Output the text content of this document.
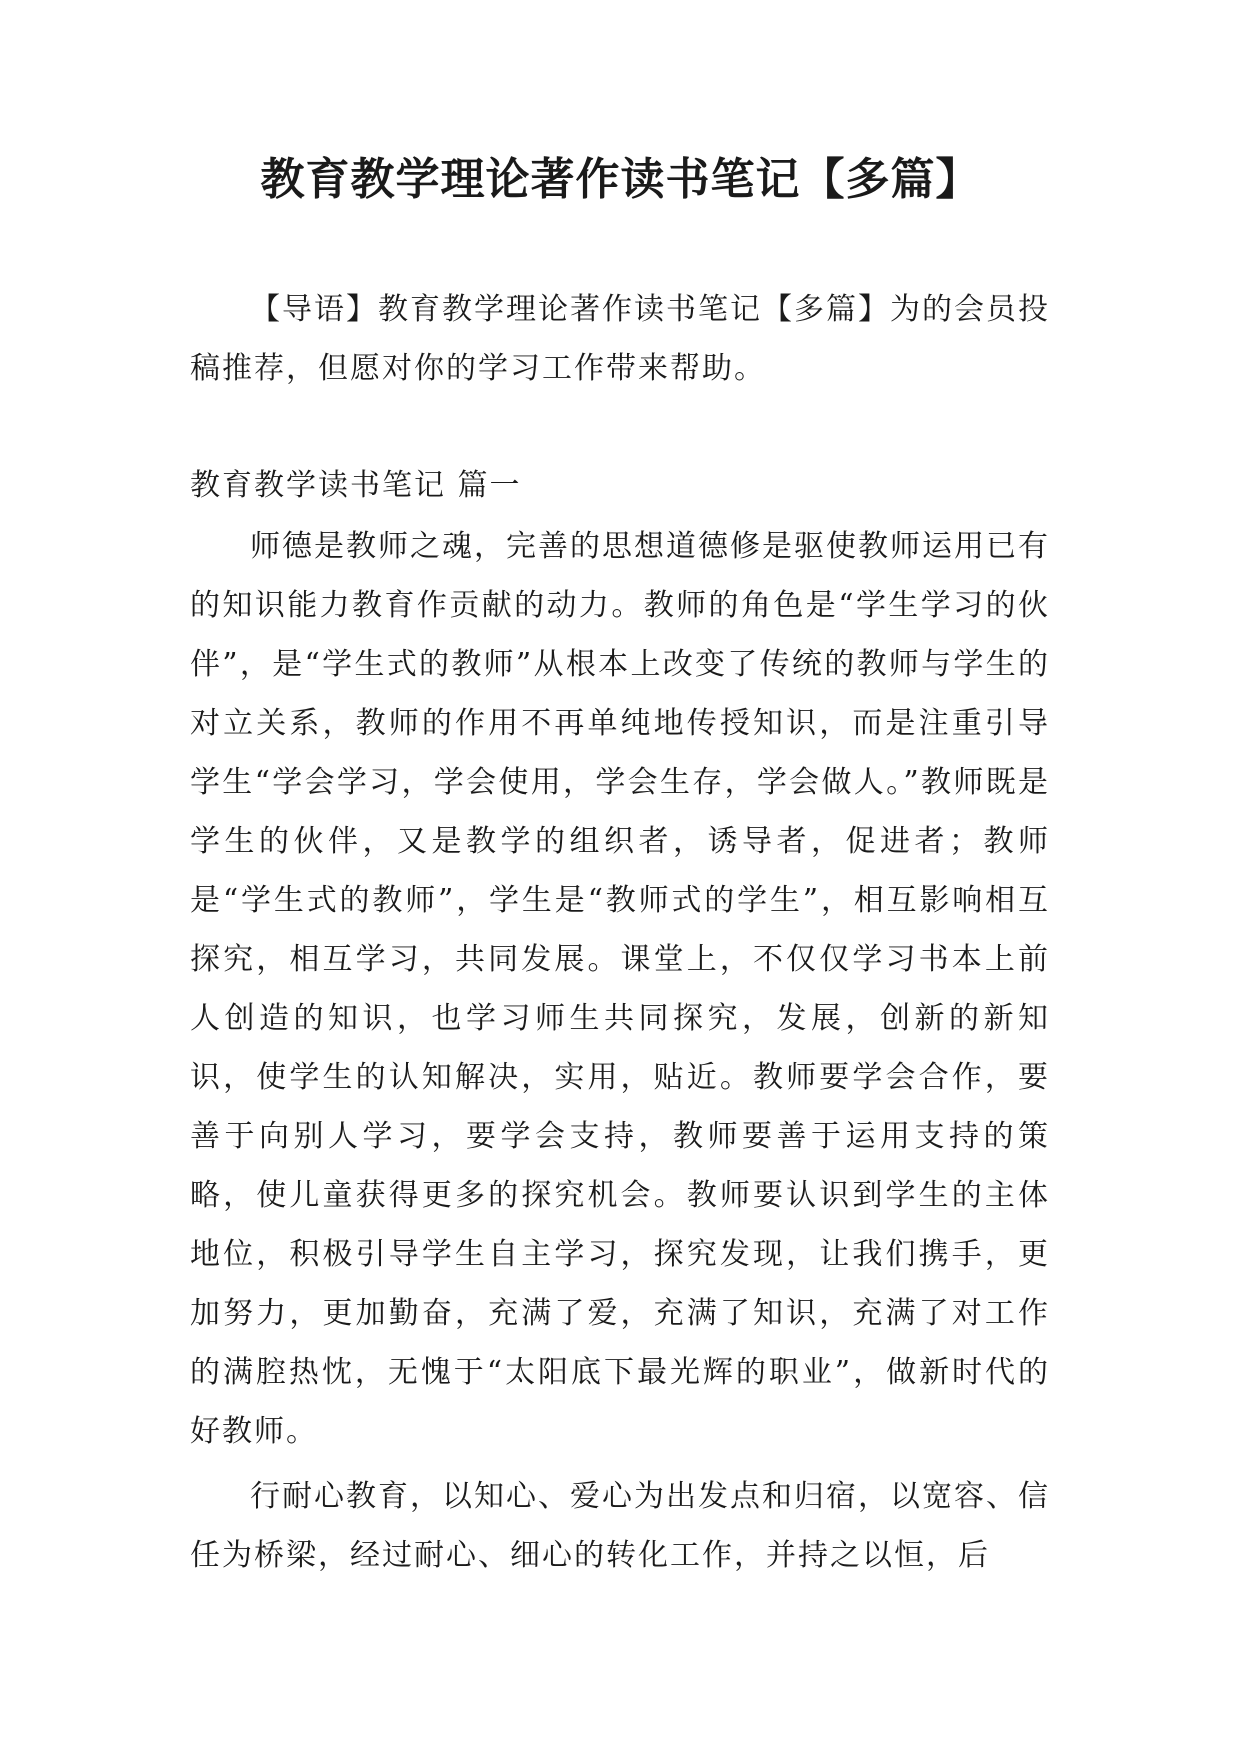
教育教学理论著作读书笔记【多篇】

【导语】教育教学理论著作读书笔记【多篇】为的会员投稿推荐，但愿对你的学习工作带来帮助。

教育教学读书笔记 篇一

师德是教师之魂，完善的思想道德修是驱使教师运用已有的知识能力教育作贡献的动力。教师的角色是“学生学习的伙伴”，是“学生式的教师”从根本上改变了传统的教师与学生的对立关系，教师的作用不再单纯地传授知识，而是注重引导学生“学会学习，学会使用，学会生存，学会做人。”教师既是学生的伙伴，又是教学的组织者，诱导者，促进者；教师是“学生式的教师”，学生是“教师式的学生”，相互影响相互探究，相互学习，共同发展。课堂上，不仅仅学习书本上前人创造的知识，也学习师生共同探究，发展，创新的新知识，使学生的认知解决，实用，贴近。教师要学会合作，要善于向别人学习，要学会支持，教师要善于运用支持的策略，使儿童获得更多的探究机会。教师要认识到学生的主体地位，积极引导学生自主学习，探究发现，让我们携手，更加努力，更加勤奋，充满了爱，充满了知识，充满了对工作的满腔热忱，无愧于“太阳底下最光辉的职业”，做新时代的好教师。

行耐心教育，以知心、爱心为出发点和归宿，以宽容、信任为桥梁，经过耐心、细心的转化工作，并持之以恒，后
